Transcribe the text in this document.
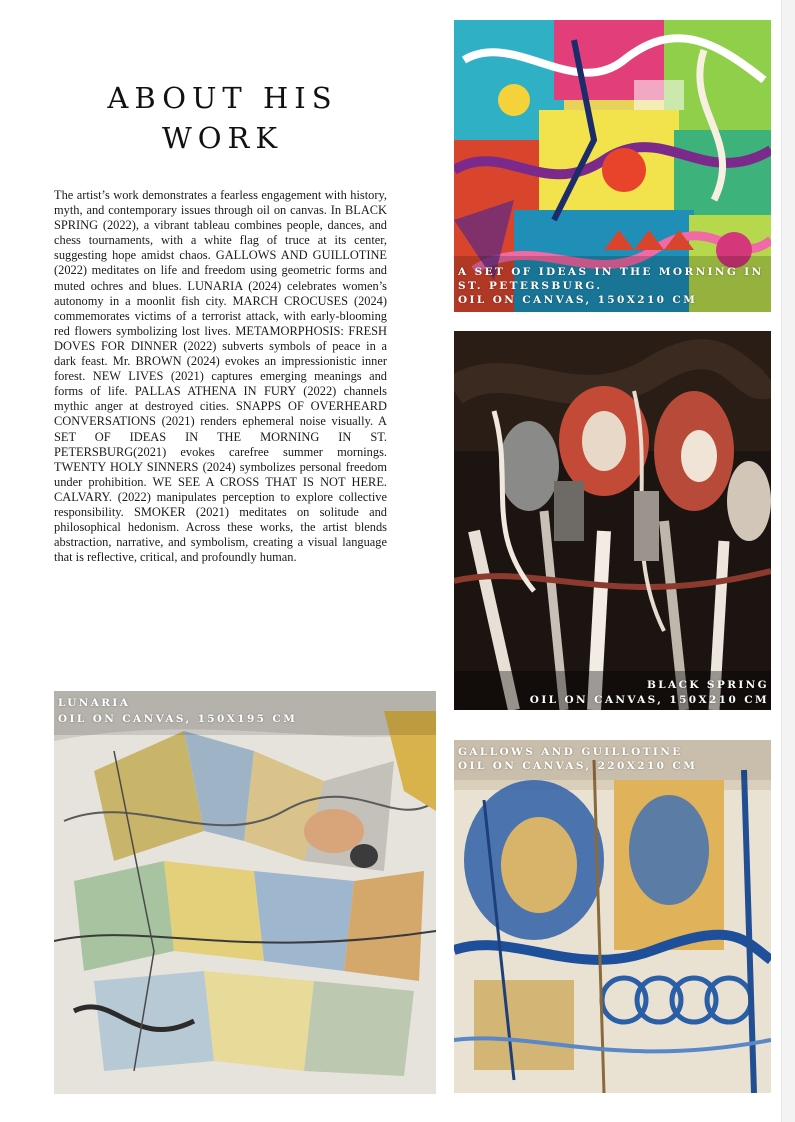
ABOUT HIS
WORK

The artist’s work demonstrates a fearless engagement with history, myth, and contemporary issues through oil on canvas. In BLACK SPRING (2022), a vibrant tableau combines people, dances, and chess tournaments, with a white flag of truce at its center, suggesting hope amidst chaos. GALLOWS AND GUILLOTINE (2022) meditates on life and freedom using geometric forms and muted ochres and blues. LUNARIA (2024) celebrates women’s autonomy in a moonlit fish city. MARCH CROCUSES (2024) commemorates victims of a terrorist attack, with early-blooming red flowers symbolizing lost lives. METAMORPHOSIS: FRESH DOVES FOR DINNER (2022) subverts symbols of peace in a dark feast. Mr. BROWN (2024) evokes an impressionistic inner forest. NEW LIVES (2021) captures emerging meanings and forms of life. PALLAS ATHENA IN FURY (2022) channels mythic anger at destroyed cities. SNAPPS OF OVERHEARD CONVERSATIONS (2021) renders ephemeral noise visually. A SET OF IDEAS IN THE MORNING IN ST. PETERSBURG(2021) evokes carefree summer mornings. TWENTY HOLY SINNERS (2024) symbolizes personal freedom under prohibition. WE SEE A CROSS THAT IS NOT HERE. CALVARY. (2022) manipulates perception to explore collective responsibility. SMOKER (2021) meditates on solitude and philosophical hedonism. Across these works, the artist blends abstraction, narrative, and symbolism, creating a visual language that is reflective, critical, and profoundly human.

A SET OF IDEAS IN THE MORNING IN
ST. PETERSBURG.
OIL ON CANVAS, 150X210 CM
BLACK SPRING
OIL ON CANVAS, 150X210 CM
LUNARIA
OIL ON CANVAS, 150X195 CM
GALLOWS AND GUILLOTINE
OIL ON CANVAS, 220X210 CM
